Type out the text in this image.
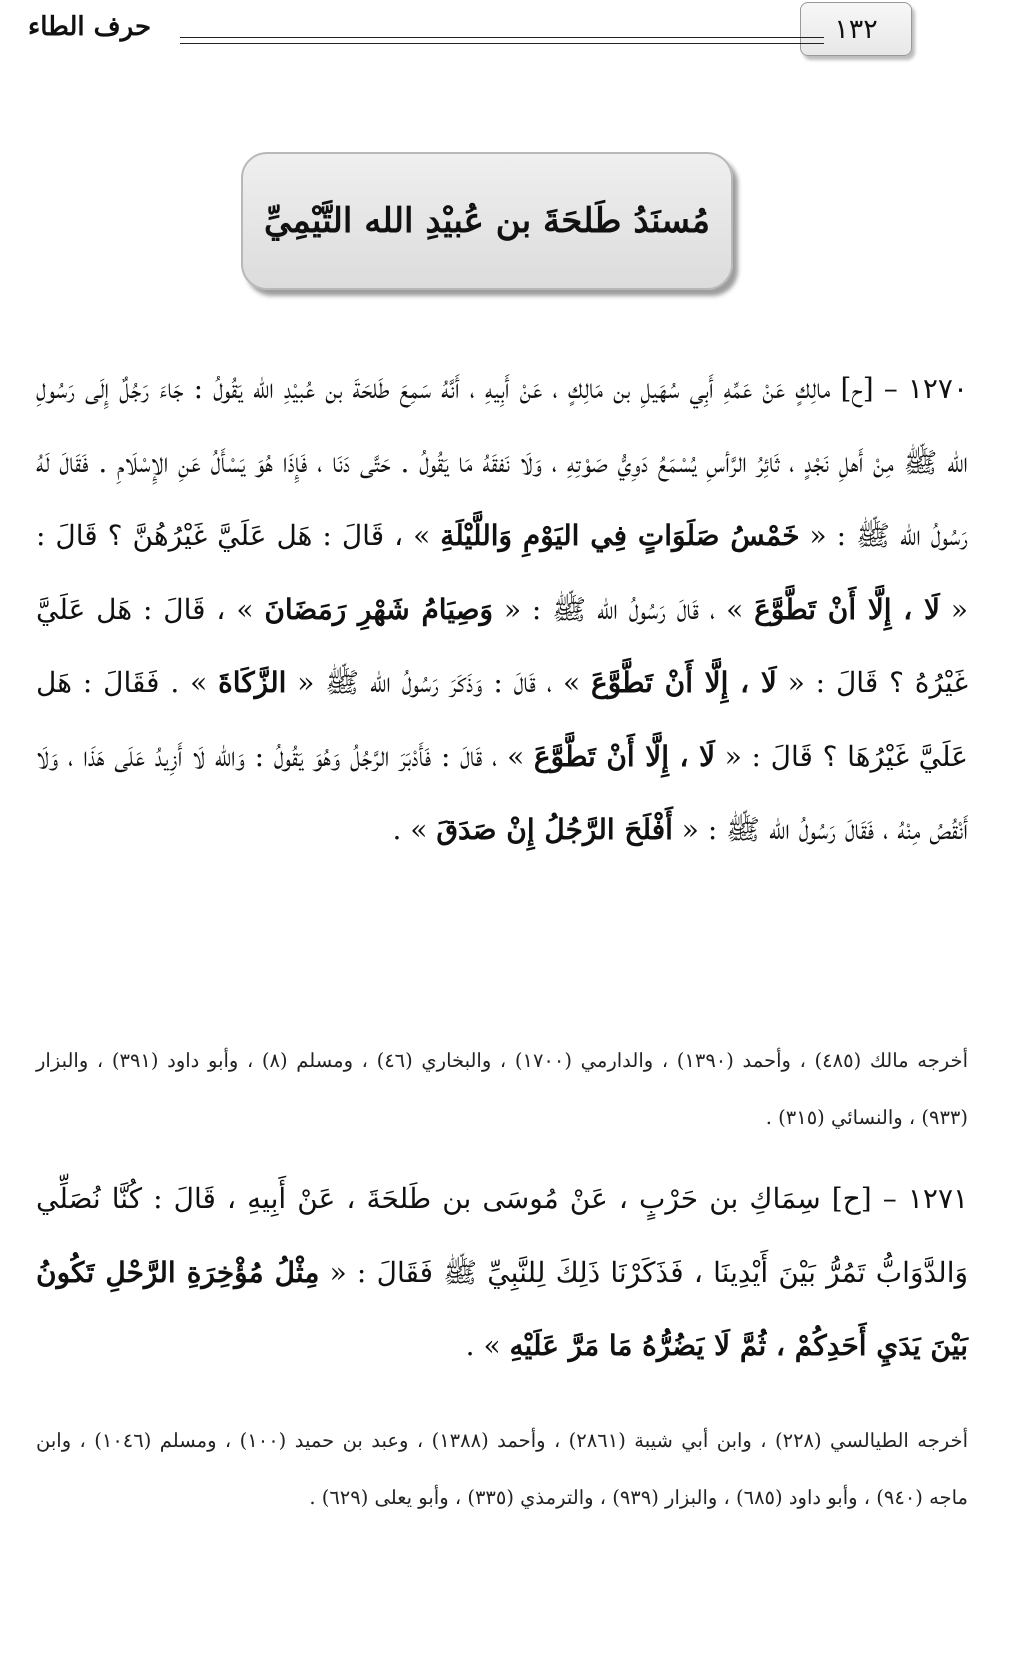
١٣٢
حرف الطاء
مُسنَدُ طَلحَةَ بن عُبيْدِ الله التَّيْمِيِّ
١٢٧٠ – [ح] مالِكٍ عَنْ عَمِّهِ أَبِي سُهَيلِ بن مَالِكٍ ، عَنْ أَبِيهِ ، أَنَّهُ سَمِعَ طَلحَةَ بن عُبيْدِ الله يَقُولُ : جَاءَ رَجُلٌ إِلَى رَسُولِ الله ﷺ مِنْ أَهلِ نَجْدٍ ، ثَائِرُ الرَّأسِ يُسْمَعُ دَوِيُّ صَوْتِهِ ، وَلَا نَفقَهُ مَا يَقُولُ . حَتَّى دَنَا ، فَإِذَا هُوَ يَسْأَلُ عَنِ الإِسْلَامِ . فَقَالَ لَهُ رَسُولُ الله ﷺ : « خَمْسُ صَلَوَاتٍ فِي اليَوْمِ وَاللَّيْلَةِ » ، قَالَ : هَل عَلَيَّ غَيْرُهُنَّ ؟ قَالَ : « لَا ، إِلَّا أَنْ تَطَّوَّعَ » ، قَالَ رَسُولُ الله ﷺ : « وَصِيَامُ شَهْرِ رَمَضَانَ » ، قَالَ : هَل عَلَيَّ غَيْرُهُ ؟ قَالَ : « لَا ، إِلَّا أَنْ تَطَّوَّعَ » ، قَالَ : وَذَكَرَ رَسُولُ الله ﷺ « الزَّكَاةَ » . فَقَالَ : هَل عَلَيَّ غَيْرُهَا ؟ قَالَ : « لَا ، إِلَّا أَنْ تَطَّوَّعَ » ، قَالَ : فَأَدْبَرَ الرَّجُلُ وَهُوَ يَقُولُ : وَالله لَا أَزِيدُ عَلَى هَذَا ، وَلَا أَنْقُصُ مِنْهُ ، فَقَالَ رَسُولُ الله ﷺ : « أَفْلَحَ الرَّجُلُ إِنْ صَدَقَ » .
أخرجه مالك (٤٨٥) ، وأحمد (١٣٩٠) ، والدارمي (١٧٠٠) ، والبخاري (٤٦) ، ومسلم (٨) ، وأبو داود (٣٩١) ، والبزار (٩٣٣) ، والنسائي (٣١٥) .
١٢٧١ – [ح] سِمَاكِ بن حَرْبٍ ، عَنْ مُوسَى بن طَلحَةَ ، عَنْ أَبِيهِ ، قَالَ : كُنَّا نُصَلِّي وَالدَّوَابُّ تَمُرُّ بَيْنَ أَيْدِينَا ، فَذَكَرْنَا ذَلِكَ لِلنَّبِيِّ ﷺ فَقَالَ : « مِثْلُ مُؤْخِرَةِ الرَّحْلِ تَكُونُ بَيْنَ يَدَيِ أَحَدِكُمْ ، ثُمَّ لَا يَضُرُّهُ مَا مَرَّ عَلَيْهِ » .
أخرجه الطيالسي (٢٢٨) ، وابن أبي شيبة (٢٨٦١) ، وأحمد (١٣٨٨) ، وعبد بن حميد (١٠٠) ، ومسلم (١٠٤٦) ، وابن ماجه (٩٤٠) ، وأبو داود (٦٨٥) ، والبزار (٩٣٩) ، والترمذي (٣٣٥) ، وأبو يعلى (٦٢٩) .
